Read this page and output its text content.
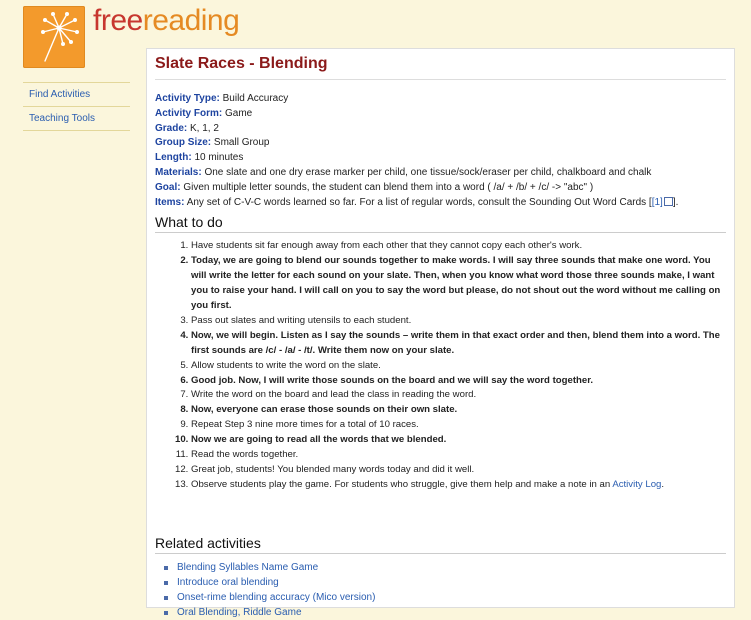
freereading
Find Activities
Teaching Tools
Slate Races - Blending
Activity Type: Build Accuracy
Activity Form: Game
Grade: K, 1, 2
Group Size: Small Group
Length: 10 minutes
Materials: One slate and one dry erase marker per child, one tissue/sock/eraser per child, chalkboard and chalk
Goal: Given multiple letter sounds, the student can blend them into a word ( /a/ + /b/ + /c/ -> "abc" )
Items: Any set of C-V-C words learned so far. For a list of regular words, consult the Sounding Out Word Cards [[1] ].
What to do
1. Have students sit far enough away from each other that they cannot copy each other's work.
2. Today, we are going to blend our sounds together to make words. I will say three sounds that make one word. You will write the letter for each sound on your slate. Then, when you know what word those three sounds make, I want you to raise your hand. I will call on you to say the word but please, do not shout out the word without me calling on you first.
3. Pass out slates and writing utensils to each student.
4. Now, we will begin. Listen as I say the sounds – write them in that exact order and then, blend them into a word. The first sounds are /c/ - /a/ - /t/. Write them now on your slate.
5. Allow students to write the word on the slate.
6. Good job. Now, I will write those sounds on the board and we will say the word together.
7. Write the word on the board and lead the class in reading the word.
8. Now, everyone can erase those sounds on their own slate.
9. Repeat Step 3 nine more times for a total of 10 races.
10. Now we are going to read all the words that we blended.
11. Read the words together.
12. Great job, students! You blended many words today and did it well.
13. Observe students play the game. For students who struggle, give them help and make a note in an Activity Log.
Related activities
Blending Syllables Name Game
Introduce oral blending
Onset-rime blending accuracy (Mico version)
Oral Blending, Riddle Game
